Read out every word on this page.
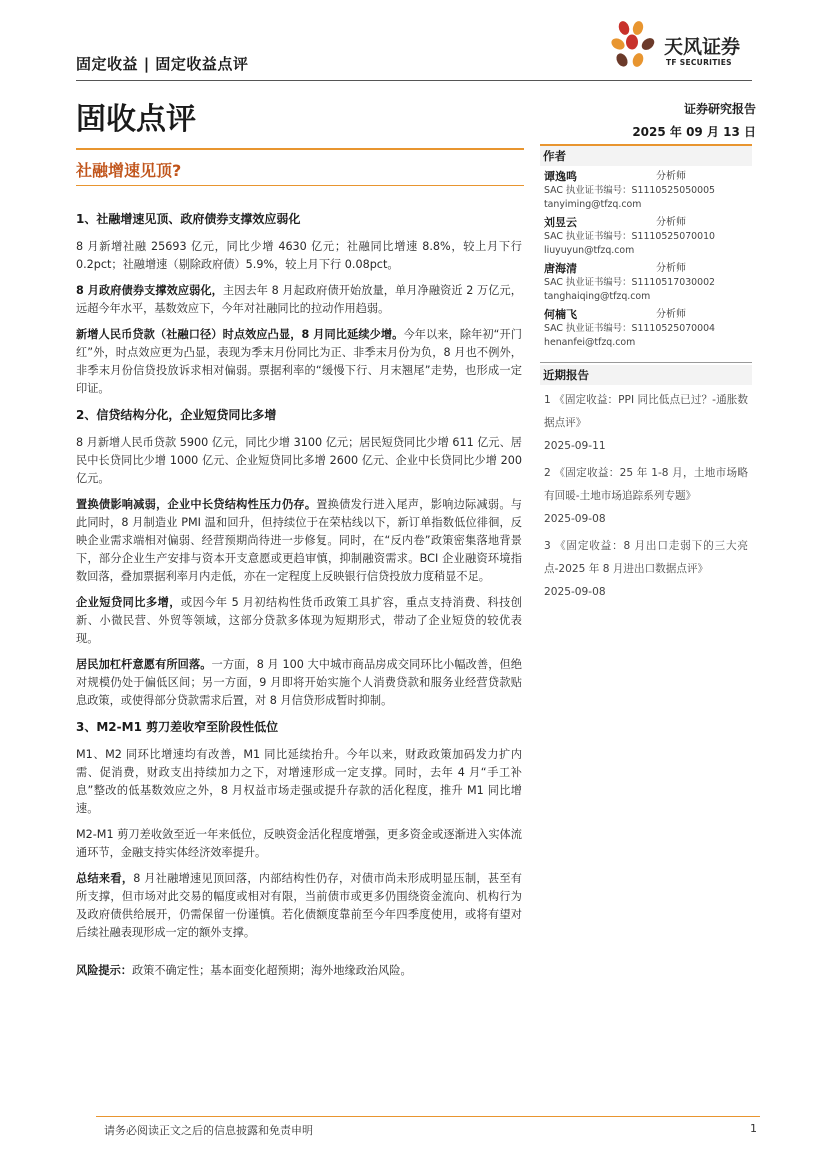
固定收益 | 固定收益点评
天风证券
TF SECURITIES
固收点评	证券研究报告
2025 年 09 月 13 日
社融增速见顶?
1、社融增速见顶、政府债券支撑效应弱化

8 月新增社融 25693 亿元，同比少增 4630 亿元；社融同比增速 8.8%，较上月下行 0.2pct；社融增速（剔除政府债）5.9%，较上月下行 0.08pct。

8 月政府债券支撑效应弱化，主因去年 8 月起政府债开始放量，单月净融资近 2 万亿元，远超今年水平，基数效应下，今年对社融同比的拉动作用趋弱。

新增人民币贷款（社融口径）时点效应凸显，8 月同比延续少增。今年以来，除年初“开门红”外，时点效应更为凸显，表现为季末月份同比为正、非季末月份为负，8 月也不例外，非季末月份信贷投放诉求相对偏弱。票据利率的“缓慢下行、月末翘尾”走势，也形成一定印证。

2、信贷结构分化，企业短贷同比多增

8 月新增人民币贷款 5900 亿元，同比少增 3100 亿元；居民短贷同比少增 611 亿元、居民中长贷同比少增 1000 亿元、企业短贷同比多增 2600 亿元、企业中长贷同比少增 200 亿元。

置换债影响减弱，企业中长贷结构性压力仍存。置换债发行进入尾声，影响边际减弱。与此同时，8 月制造业 PMI 温和回升，但持续位于在荣枯线以下，新订单指数低位徘徊，反映企业需求端相对偏弱、经营预期尚待进一步修复。同时，在“反内卷”政策密集落地背景下，部分企业生产安排与资本开支意愿或更趋审慎，抑制融资需求。BCI 企业融资环境指数回落，叠加票据利率月内走低，亦在一定程度上反映银行信贷投放力度稍显不足。

企业短贷同比多增，或因今年 5 月初结构性货币政策工具扩容，重点支持消费、科技创新、小微民营、外贸等领域，这部分贷款多体现为短期形式，带动了企业短贷的较优表现。

居民加杠杆意愿有所回落。一方面，8 月 100 大中城市商品房成交同环比小幅改善，但绝对规模仍处于偏低区间；另一方面，9 月即将开始实施个人消费贷款和服务业经营贷款贴息政策，或使得部分贷款需求后置，对 8 月信贷形成暂时抑制。

3、M2-M1 剪刀差收窄至阶段性低位

M1、M2 同环比增速均有改善，M1 同比延续抬升。今年以来，财政政策加码发力扩内需、促消费，财政支出持续加力之下，对增速形成一定支撑。同时，去年 4 月“手工补息”整改的低基数效应之外，8 月权益市场走强或提升存款的活化程度，推升 M1 同比增速。

M2-M1 剪刀差收敛至近一年来低位，反映资金活化程度增强，更多资金或逐渐进入实体流通环节，金融支持实体经济效率提升。

总结来看，8 月社融增速见顶回落，内部结构性仍存，对债市尚未形成明显压制，甚至有所支撑，但市场对此交易的幅度或相对有限，当前债市或更多仍围绕资金流向、机构行为及政府债供给展开，仍需保留一份谨慎。若化债额度靠前至今年四季度使用，或将有望对后续社融表现形成一定的额外支撑。

风险提示：政策不确定性；基本面变化超预期；海外地缘政治风险。

作者
谭逸鸣	分析师
SAC 执业证书编号：S1110525050005
tanyiming@tfzq.com
刘昱云	分析师
SAC 执业证书编号：S1110525070010
liuyuyun@tfzq.com
唐海清	分析师
SAC 执业证书编号：S1110517030002
tanghaiqing@tfzq.com
何楠飞	分析师
SAC 执业证书编号：S1110525070004
henanfei@tfzq.com
近期报告
1 《固定收益：PPI 同比低点已过？-通胀数据点评》
2025-09-11
2 《固定收益：25 年 1-8 月，土地市场略有回暖-土地市场追踪系列专题》
2025-09-08
3 《固定收益：8 月出口走弱下的三大亮点-2025 年 8 月进出口数据点评》
2025-09-08
请务必阅读正文之后的信息披露和免责申明	1
